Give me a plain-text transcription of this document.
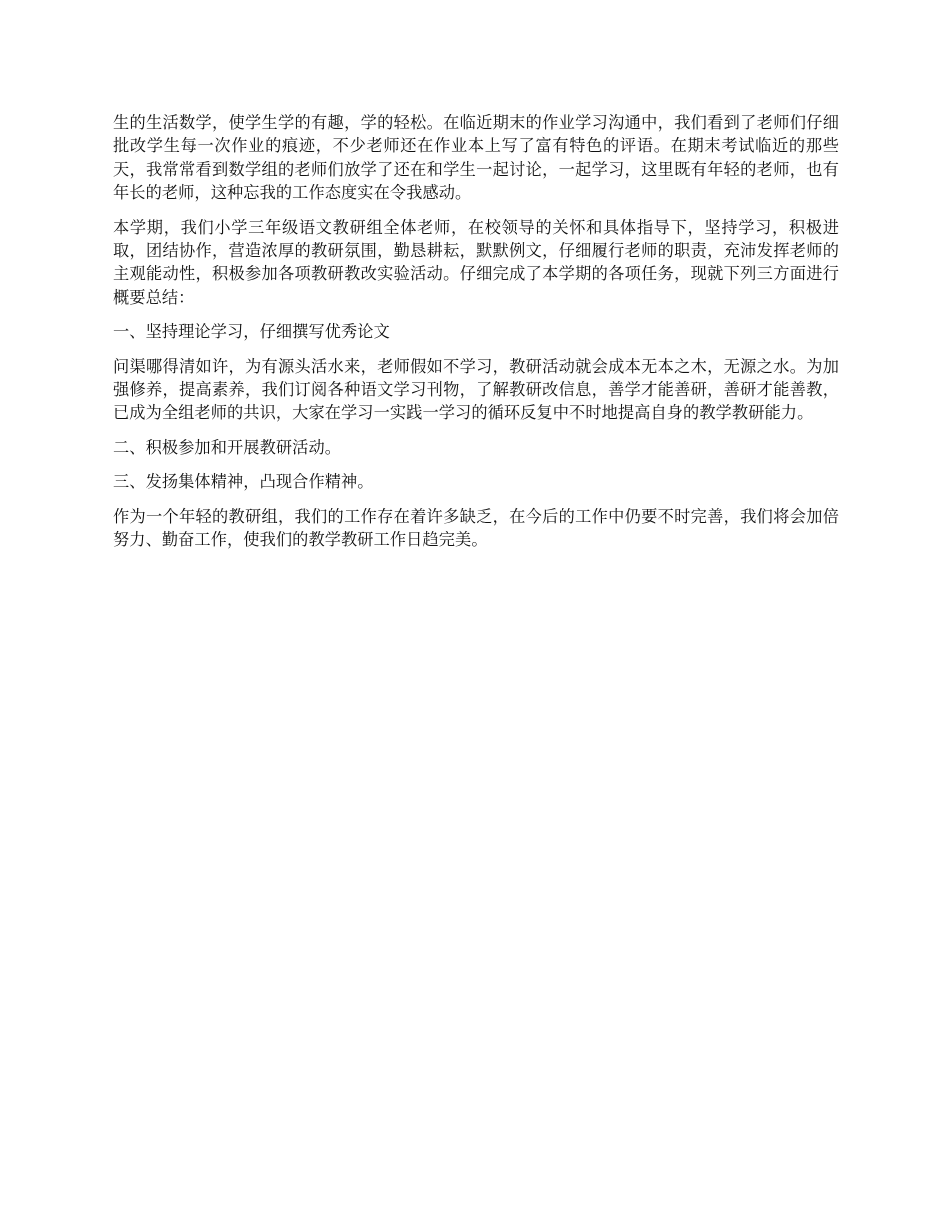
生的生活数学，使学生学的有趣，学的轻松。在临近期末的作业学习沟通中，我们看到了老师们仔细批改学生每一次作业的痕迹，不少老师还在作业本上写了富有特色的评语。在期末考试临近的那些天，我常常看到数学组的老师们放学了还在和学生一起讨论，一起学习，这里既有年轻的老师，也有年长的老师，这种忘我的工作态度实在令我感动。

本学期，我们小学三年级语文教研组全体老师，在校领导的关怀和具体指导下，坚持学习，积极进取，团结协作，营造浓厚的教研氛围，勤恳耕耘，默默例文，仔细履行老师的职责，充沛发挥老师的主观能动性，积极参加各项教研教改实验活动。仔细完成了本学期的各项任务，现就下列三方面进行概要总结：

一、坚持理论学习，仔细撰写优秀论文

问渠哪得清如许，为有源头活水来，老师假如不学习，教研活动就会成本无本之木，无源之水。为加强修养，提高素养，我们订阅各种语文学习刊物，了解教研改信息，善学才能善研，善研才能善教，已成为全组老师的共识，大家在学习一实践一学习的循环反复中不时地提高自身的教学教研能力。

二、积极参加和开展教研活动。

三、发扬集体精神，凸现合作精神。

作为一个年轻的教研组，我们的工作存在着许多缺乏，在今后的工作中仍要不时完善，我们将会加倍努力、勤奋工作，使我们的教学教研工作日趋完美。
